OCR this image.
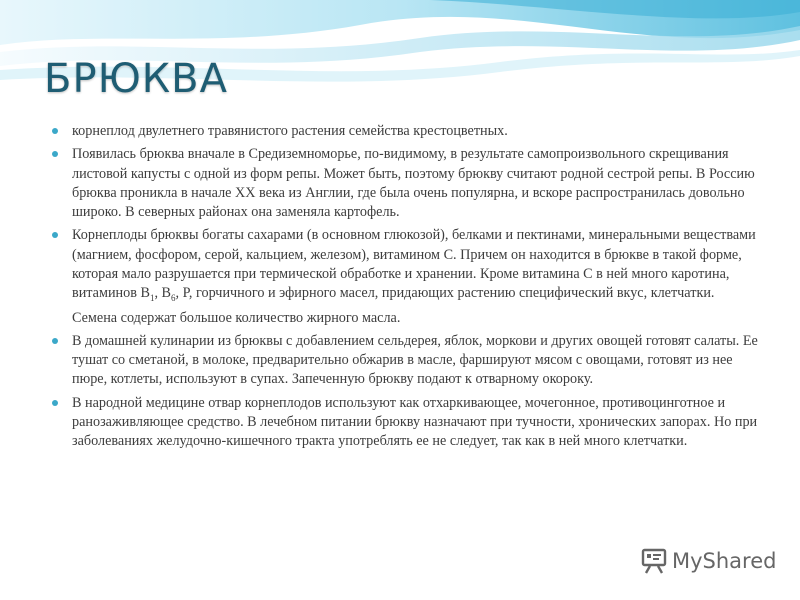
БРЮКВА
корнеплод двулетнего травянистого растения семейства крестоцветных.
Появилась брюква вначале в Средиземноморье, по-видимому, в результате самопроизвольного скрещивания листовой капусты с одной из форм репы. Может быть, поэтому брюкву считают родной сестрой репы. В Россию брюква проникла в начале XX века из Англии, где была очень популярна, и вскоре распространилась довольно широко. В северных районах она заменяла картофель.
Корнеплоды брюквы богаты сахарами (в основном глюкозой), белками и пектинами, минеральными веществами (магнием, фосфором, серой, кальцием, железом), витамином С. Причем он находится в брюкве в такой форме, которая мало разрушается при термической обработке и хранении. Кроме витамина С в ней много каротина, витаминов $B_1$, $B_6$, P, горчичного и эфирного масел, придающих растению специфический вкус, клетчатки. Семена содержат большое количество жирного масла.
В домашней кулинарии из брюквы с добавлением сельдерея, яблок, моркови и других овощей готовят салаты. Ее тушат со сметаной, в молоке, предварительно обжарив в масле, фаршируют мясом с овощами, готовят из нее пюре, котлеты, используют в супах. Запеченную брюкву подают к отварному окороку.
В народной медицине отвар корнеплодов используют как отхаркивающее, мочегонное, противоцинготное и ранозаживляющее средство. В лечебном питании брюкву назначают при тучности, хронических запорах. Но при заболеваниях желудочно-кишечного тракта употреблять ее не следует, так как в ней много клетчатки.
MyShared
